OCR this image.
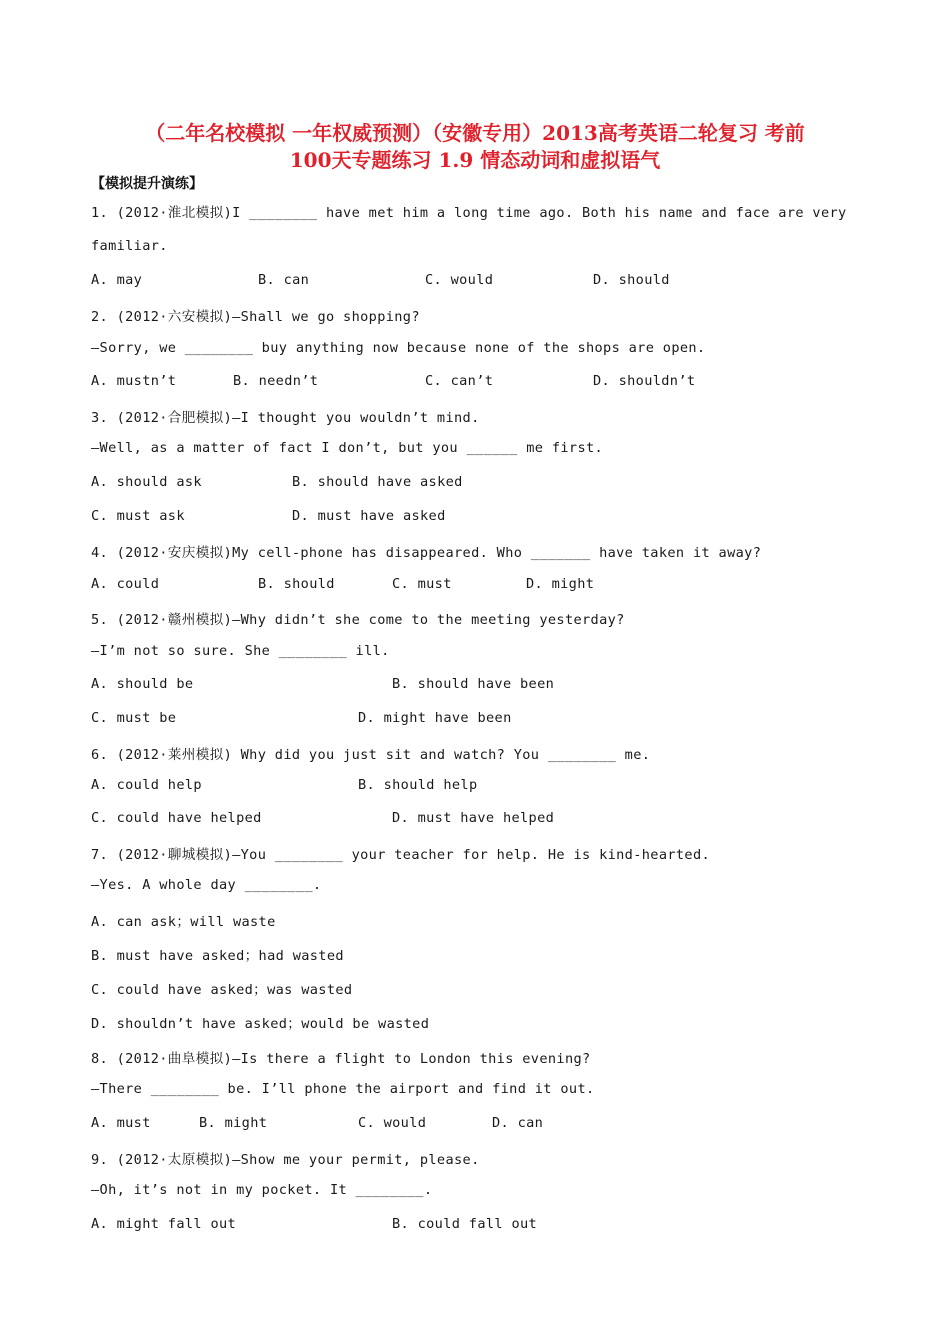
（二年名校模拟 一年权威预测）（安徽专用）2013高考英语二轮复习 考前
100天专题练习 1.9 情态动词和虚拟语气
【模拟提升演练】
1. (2012·淮北模拟)I ________ have met him a long time ago. Both his name and face are very
familiar.
A. may	B. can	C. would	D. should
2. (2012·六安模拟)—Shall we go shopping?
—Sorry, we ________ buy anything now because none of the shops are open.
A. mustn’t	B. needn’t	C. can’t	D. shouldn’t
3. (2012·合肥模拟)—I thought you wouldn’t mind.
—Well, as a matter of fact I don’t, but you ______ me first.
A. should ask	B. should have asked
C. must ask	D. must have asked
4. (2012·安庆模拟)My cell-phone has disappeared. Who _______ have taken it away?
A. could	B. should	C. must	D. might
5. (2012·赣州模拟)—Why didn’t she come to the meeting yesterday?
—I’m not so sure. She ________ ill.
A. should be	B. should have been
C. must be	D. might have been
6. (2012·莱州模拟) Why did you just sit and watch? You ________ me.
A. could help	B. should help
C. could have helped	D. must have helped
7. (2012·聊城模拟)—You ________ your teacher for help. He is kind-hearted.
—Yes. A whole day ________.
A. can ask；will waste
B. must have asked；had wasted
C. could have asked；was wasted
D. shouldn’t have asked；would be wasted
8. (2012·曲阜模拟)—Is there a flight to London this evening?
—There ________ be. I’ll phone the airport and find it out.
A. must	B. might	C. would	D. can
9. (2012·太原模拟)—Show me your permit, please.
—Oh, it’s not in my pocket. It ________.
A. might fall out	B. could fall out
